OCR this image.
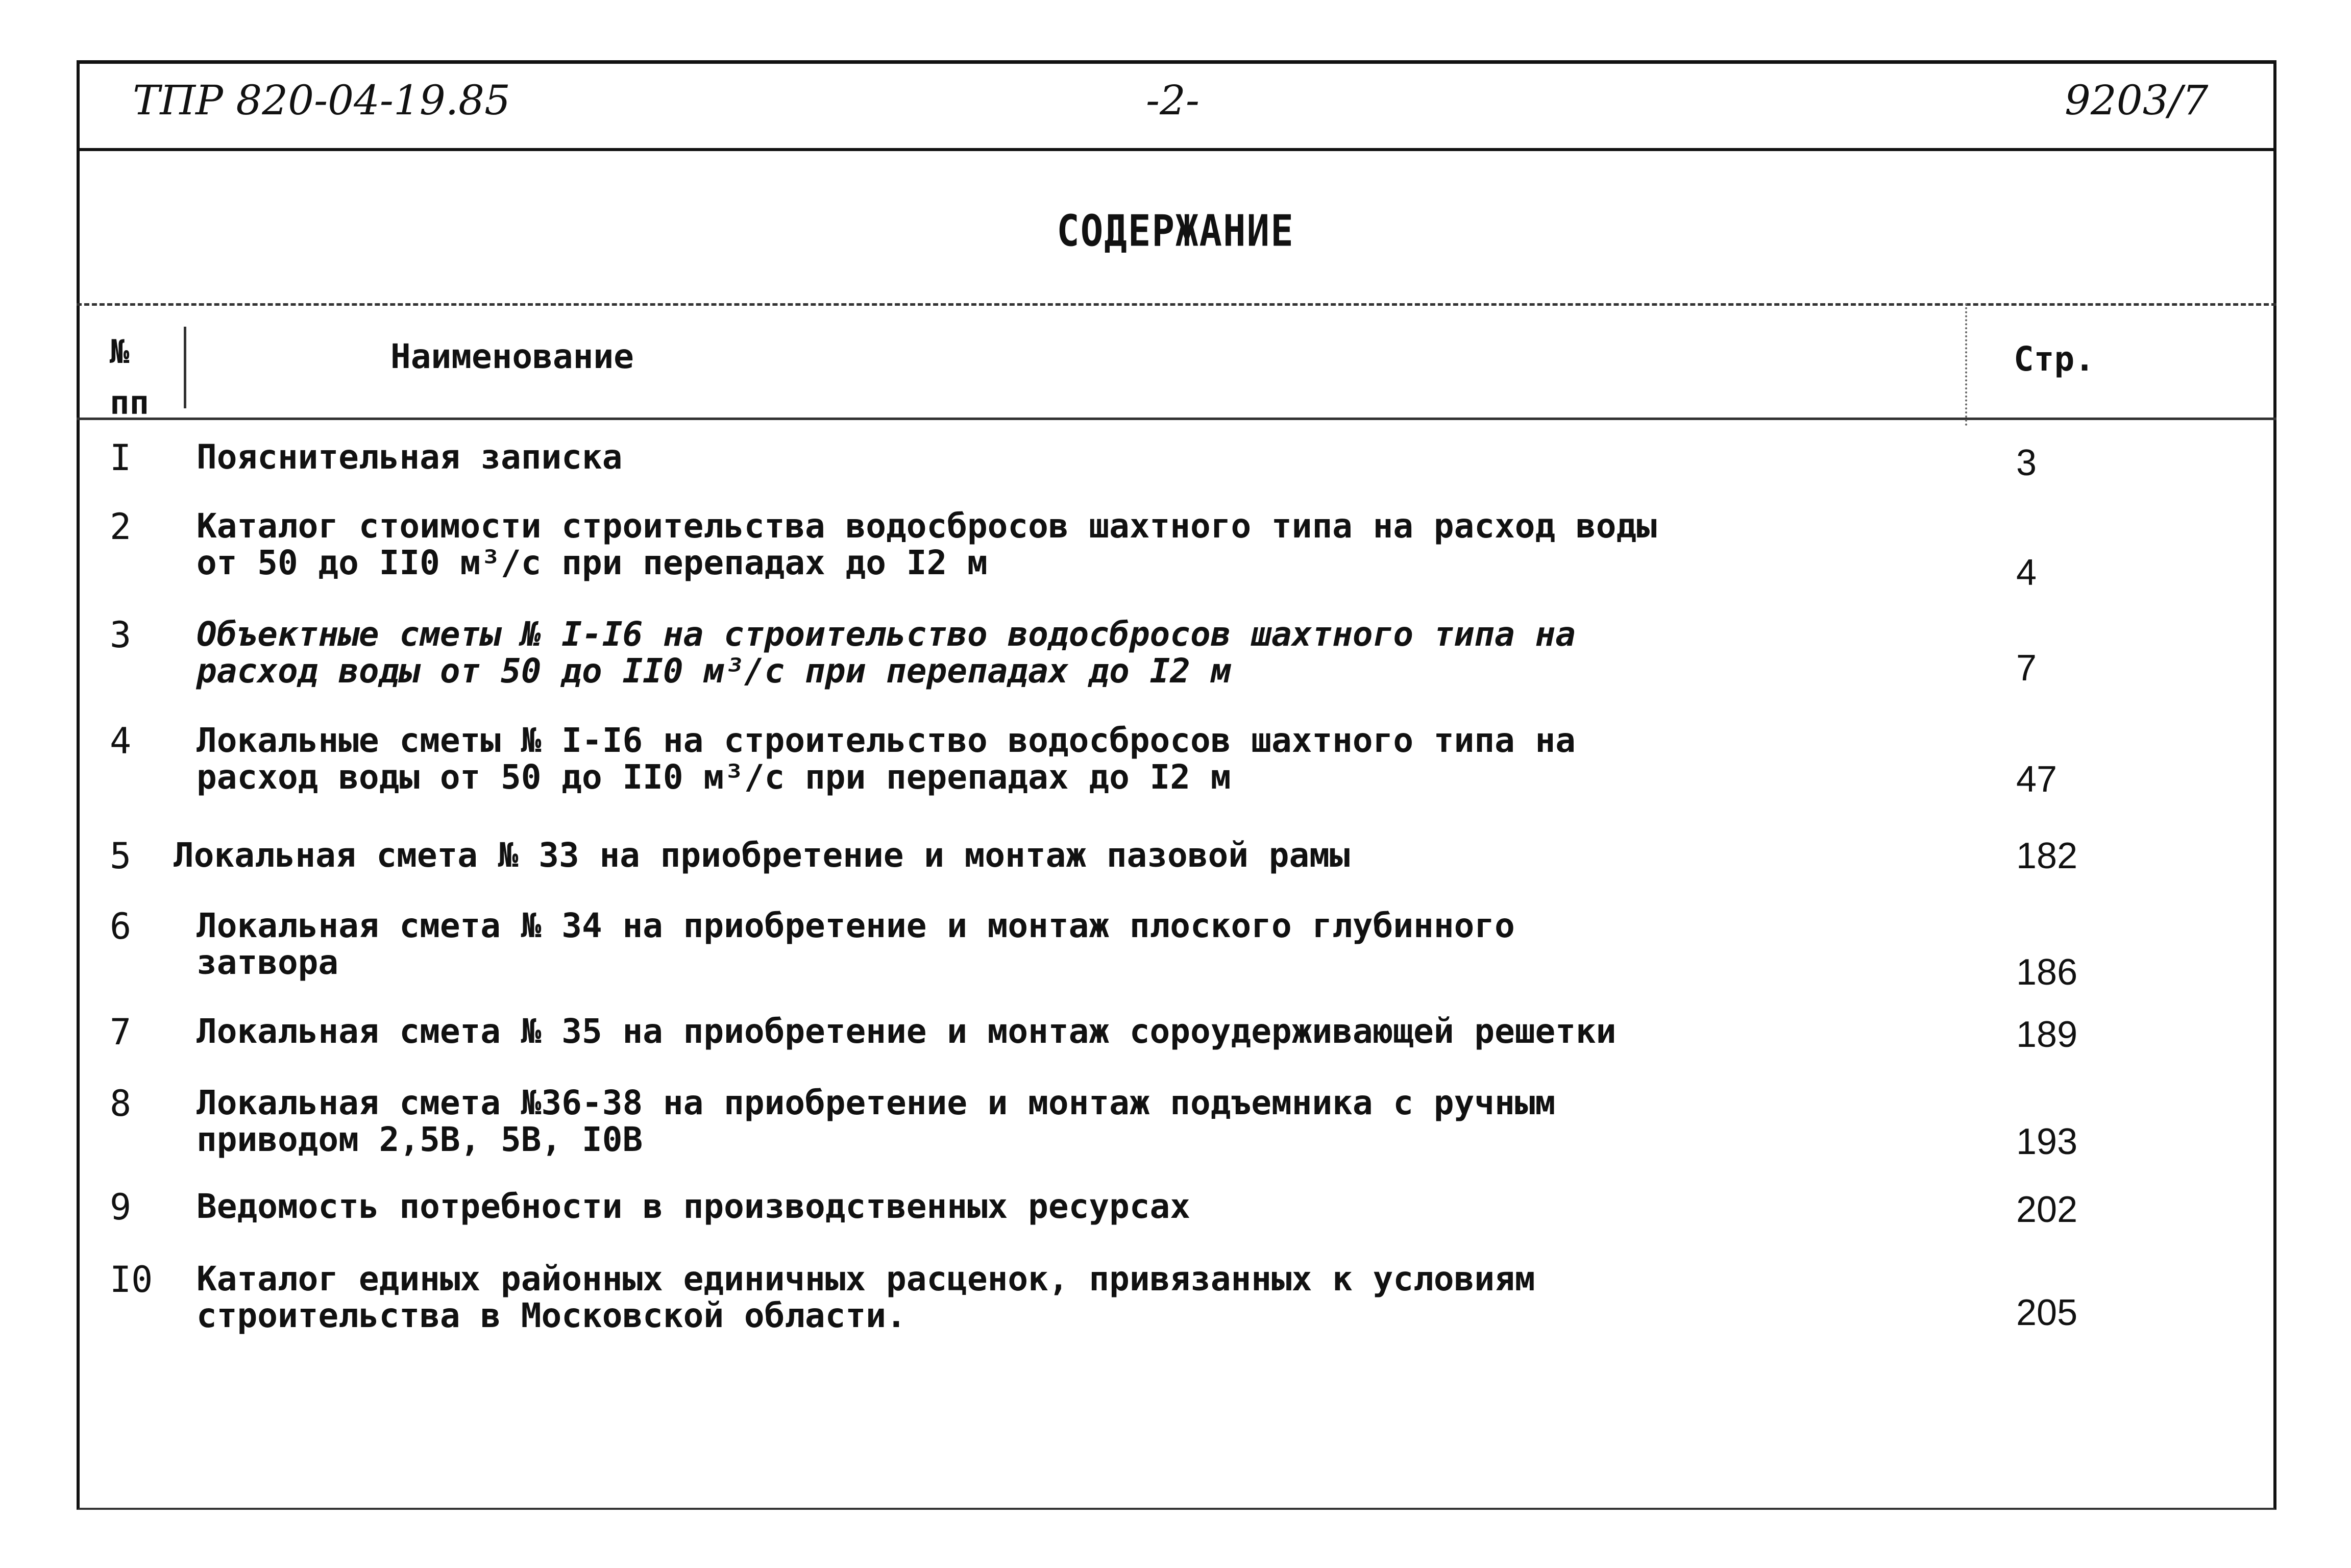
ТПР 820-04-19.85	-2-	9203/7
СОДЕРЖАНИЕ
№
пп
Наименование	Стр.
I Пояснительная записка	3
2 Каталог стоимости строительства водосбросов шахтного типа на расход воды
от 50 до II0 м³/с при перепадах до I2 м	4
3 Объектные сметы № I-I6 на строительство водосбросов шахтного типа на
расход воды от 50 до II0 м³/с при перепадах до I2 м	7
4 Локальные сметы № I-I6 на строительство водосбросов шахтного типа на
расход воды от 50 до II0 м³/с при перепадах до I2 м	47
5 Локальная смета № 33 на приобретение и монтаж пазовой рамы	182
6 Локальная смета № 34 на приобретение и монтаж плоского глубинного
затвора	186
7 Локальная смета № 35 на приобретение и монтаж сороудерживающей решетки	189
8 Локальная смета №36-38 на приобретение и монтаж подъемника с ручным
приводом 2,5В, 5В, I0В	193
9 Ведомость потребности в производственных ресурсах	202
I0 Каталог единых районных единичных расценок, привязанных к условиям
строительства в Московской области.	205
